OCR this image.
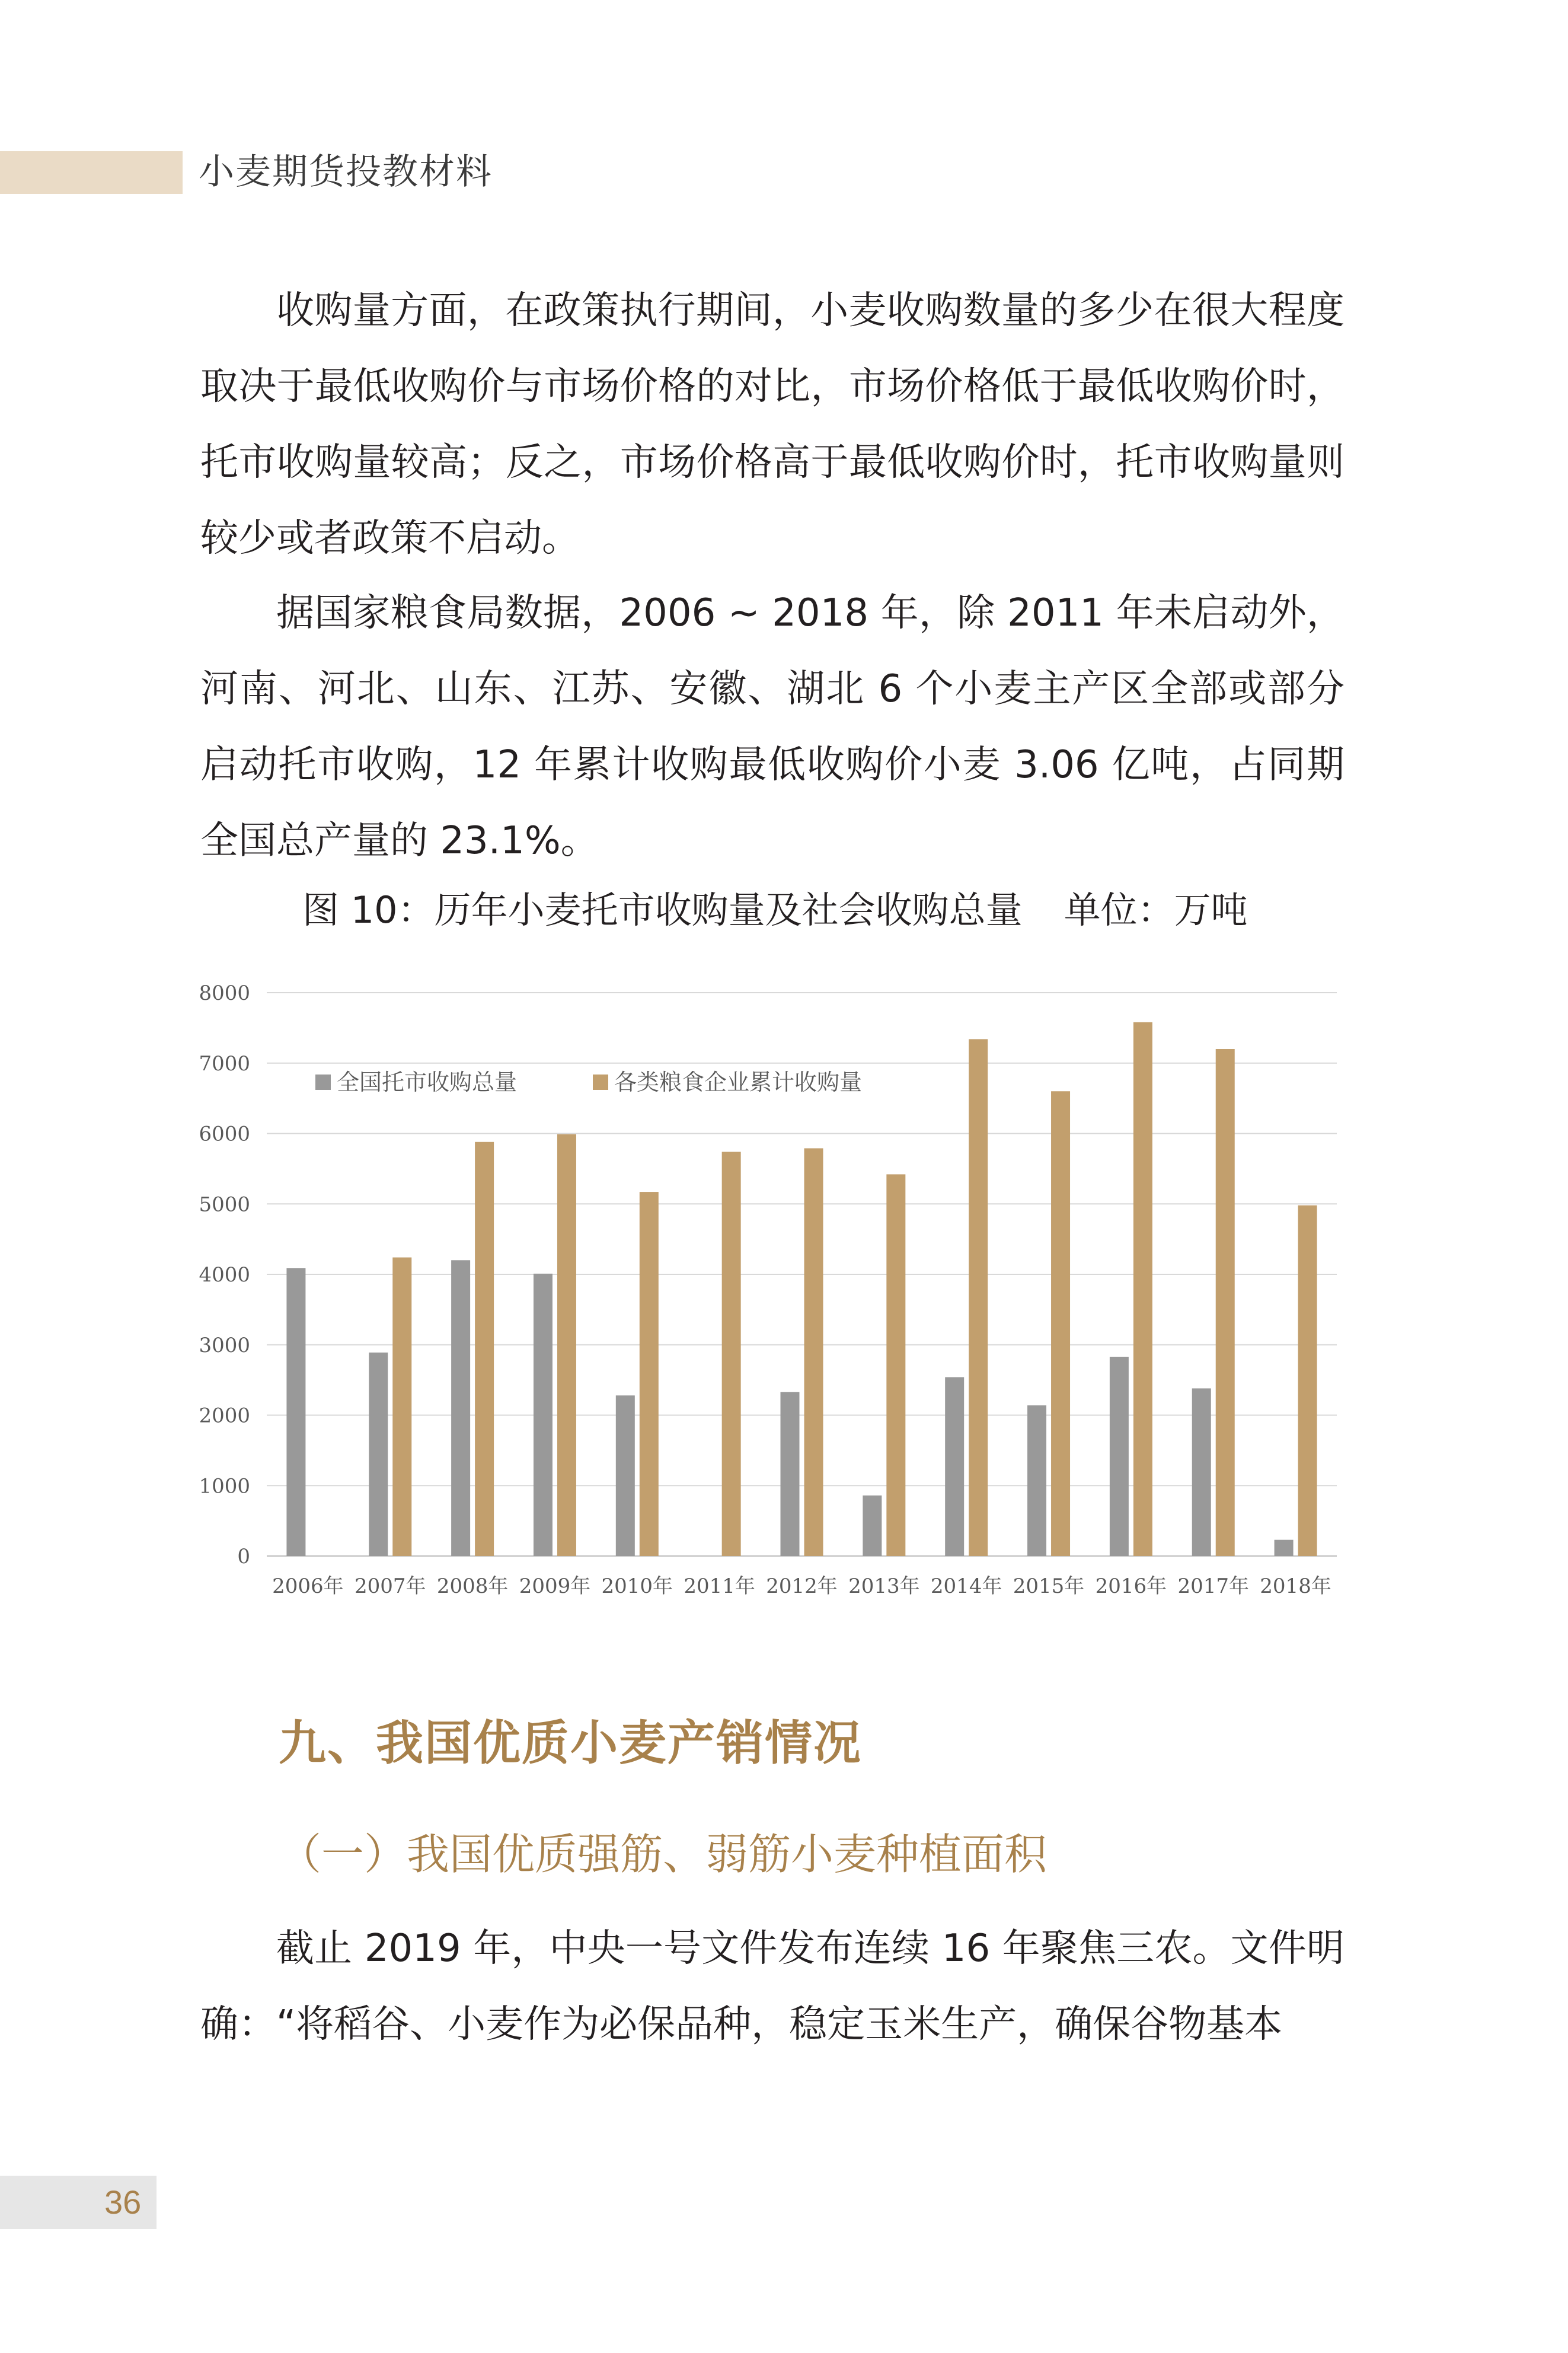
小麦期货投教材料

收购量方面，在政策执行期间，小麦收购数量的多少在很大程度取决于最低收购价与市场价格的对比，市场价格低于最低收购价时，托市收购量较高；反之，市场价格高于最低收购价时，托市收购量则较少或者政策不启动。

据国家粮食局数据，2006 ~ 2018 年，除 2011 年未启动外，河南、河北、山东、江苏、安徽、湖北 6 个小麦主产区全部或部分启动托市收购，12 年累计收购最低收购价小麦 3.06 亿吨，占同期全国总产量的 23.1%。

图 10：历年小麦托市收购量及社会收购总量 单位：万吨
0
1000
2000
3000
4000
5000
6000
7000
8000
2006年 2007年 2008年 2009年 2010年 2011年 2012年 2013年 2014年 2015年 2016年 2017年 2018年
全国托市收购总量	各类粮食企业累计收购量
九、我国优质小麦产销情况
（一）我国优质强筋、弱筋小麦种植面积

截止 2019 年，中央一号文件发布连续 16 年聚焦三农。文件明确：“将稻谷、小麦作为必保品种，稳定玉米生产，确保谷物基本

36
